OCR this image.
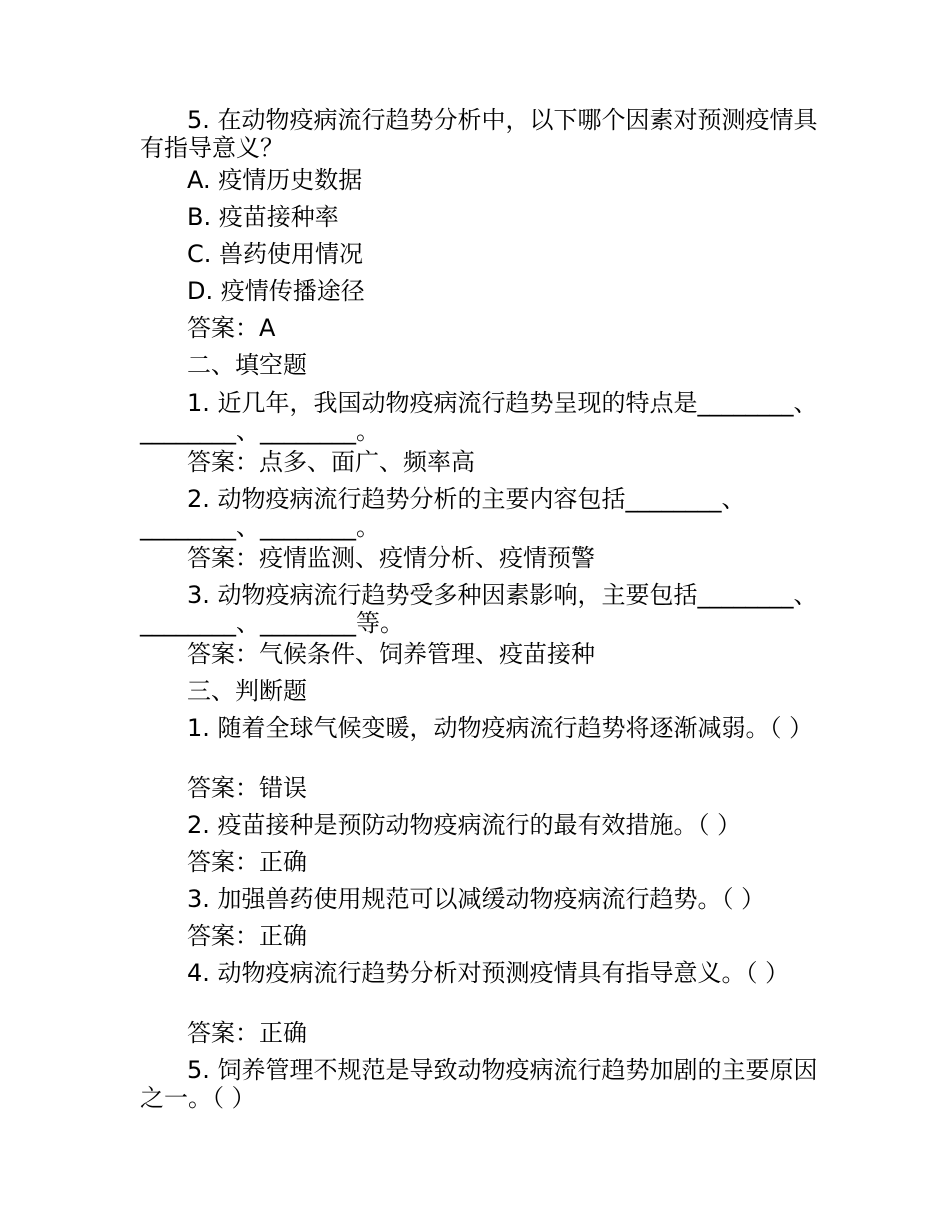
5. 在动物疫病流行趋势分析中，以下哪个因素对预测疫情具有指导意义？
A. 疫情历史数据
B. 疫苗接种率
C. 兽药使用情况
D. 疫情传播途径
答案：A
二、填空题
1. 近几年，我国动物疫病流行趋势呈现的特点是________、________、________。
答案：点多、面广、频率高
2. 动物疫病流行趋势分析的主要内容包括________、________、________。
答案：疫情监测、疫情分析、疫情预警
3. 动物疫病流行趋势受多种因素影响，主要包括________、________、________等。
答案：气候条件、饲养管理、疫苗接种
三、判断题
1. 随着全球气候变暖，动物疫病流行趋势将逐渐减弱。（ ）
答案：错误
2. 疫苗接种是预防动物疫病流行的最有效措施。（ ）
答案：正确
3. 加强兽药使用规范可以减缓动物疫病流行趋势。（ ）
答案：正确
4. 动物疫病流行趋势分析对预测疫情具有指导意义。（ ）
答案：正确
5. 饲养管理不规范是导致动物疫病流行趋势加剧的主要原因之一。（ ）
